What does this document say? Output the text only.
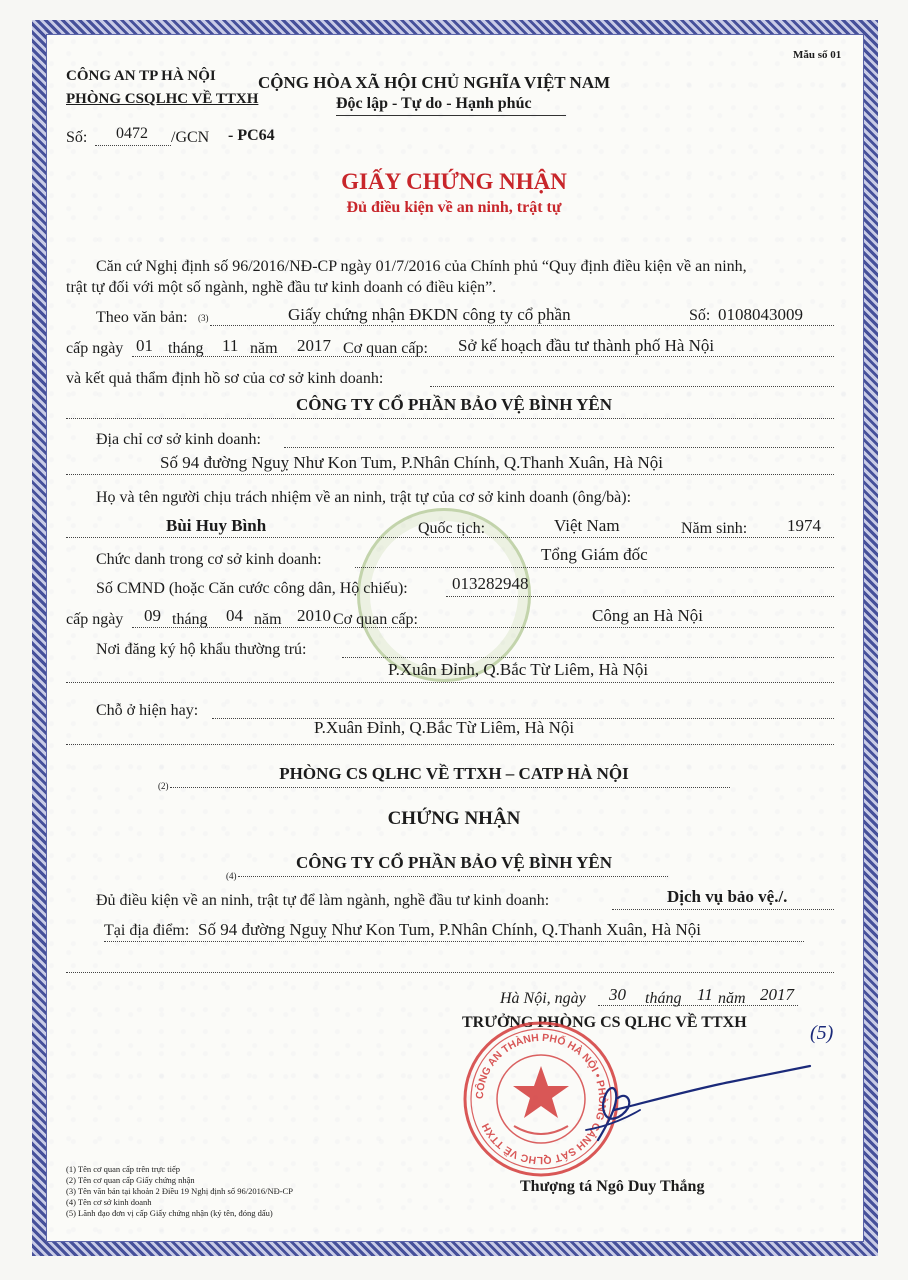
Mẫu số 01
CÔNG AN TP HÀ NỘI
PHÒNG CSQLHC VỀ TTXH
Số: 0472 /GCN - PC64
CỘNG HÒA XÃ HỘI CHỦ NGHĨA VIỆT NAM
Độc lập - Tự do - Hạnh phúc
GIẤY CHỨNG NHẬN
Đủ điều kiện về an ninh, trật tự
Căn cứ Nghị định số 96/2016/NĐ-CP ngày 01/7/2016 của Chính phủ “Quy định điều kiện về an ninh,
trật tự đối với một số ngành, nghề đầu tư kinh doanh có điều kiện”.
Theo văn bản: (3)	Giấy chứng nhận ĐKDN công ty cổ phần	Số: 0108043009
cấp ngày 01 tháng 11 năm 2017 Cơ quan cấp: Sở kế hoạch đầu tư thành phố Hà Nội
và kết quả thẩm định hồ sơ của cơ sở kinh doanh:
CÔNG TY CỔ PHẦN BẢO VỆ BÌNH YÊN
Địa chỉ cơ sở kinh doanh:
Số 94 đường Nguỵ Như Kon Tum, P.Nhân Chính, Q.Thanh Xuân, Hà Nội
Họ và tên người chịu trách nhiệm về an ninh, trật tự của cơ sở kinh doanh (ông/bà):
Bùi Huy Bình	Quốc tịch:	Việt Nam	Năm sinh: 1974
Chức danh trong cơ sở kinh doanh:	Tổng Giám đốc
Số CMND (hoặc Căn cước công dân, Hộ chiếu):	013282948
cấp ngày 09 tháng 04 năm 2010 Cơ quan cấp:	Công an Hà Nội
Nơi đăng ký hộ khẩu thường trú:
P.Xuân Đỉnh, Q.Bắc Từ Liêm, Hà Nội
Chỗ ở hiện hay:
P.Xuân Đỉnh, Q.Bắc Từ Liêm, Hà Nội
(2)
PHÒNG CS QLHC VỀ TTXH – CATP HÀ NỘI
CHỨNG NHẬN
(4)
CÔNG TY CỔ PHẦN BẢO VỆ BÌNH YÊN
Đủ điều kiện về an ninh, trật tự để làm ngành, nghề đầu tư kinh doanh:	Dịch vụ bảo vệ./.
Tại địa điểm: Số 94 đường Nguỵ Như Kon Tum, P.Nhân Chính, Q.Thanh Xuân, Hà Nội
Hà Nội, ngày 30 tháng 11 năm 2017
TRƯỞNG PHÒNG CS QLHC VỀ TTXH	(5)
CÔNG AN THÀNH PHỐ HÀ NỘI • PHÒNG CẢNH SÁT QLHC VỀ TTXH
Thượng tá Ngô Duy Thắng
(1) Tên cơ quan cấp trên trực tiếp
(2) Tên cơ quan cấp Giấy chứng nhận
(3) Tên văn bản tại khoản 2 Điều 19 Nghị định số 96/2016/NĐ-CP
(4) Tên cơ sở kinh doanh
(5) Lãnh đạo đơn vị cấp Giấy chứng nhận (ký tên, đóng dấu)
